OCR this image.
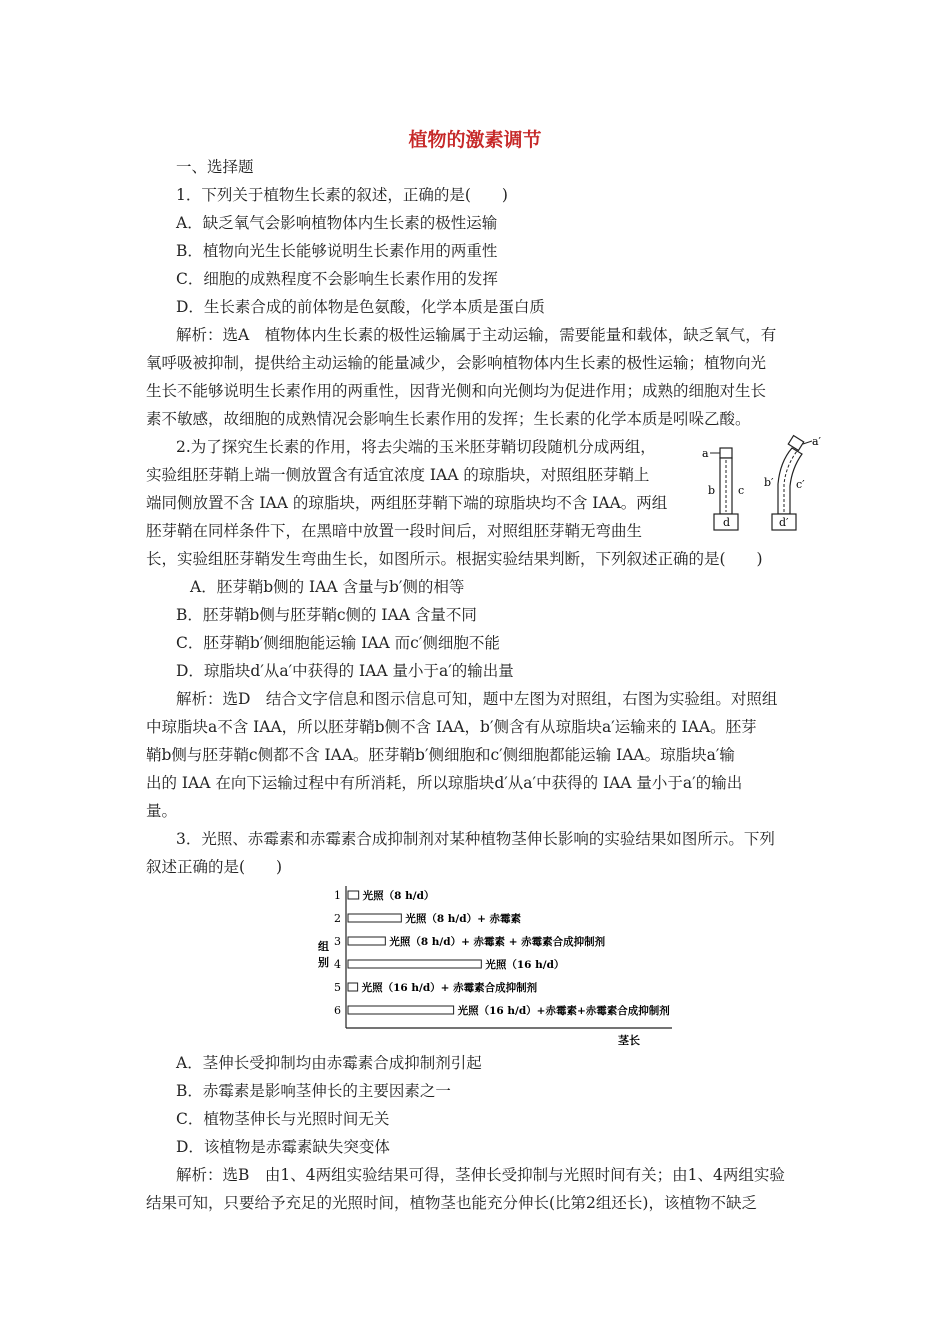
植物的激素调节
一、选择题
1．下列关于植物生长素的叙述，正确的是(　　)
A．缺乏氧气会影响植物体内生长素的极性运输
B．植物向光生长能够说明生长素作用的两重性
C．细胞的成熟程度不会影响生长素作用的发挥
D．生长素合成的前体物是色氨酸，化学本质是蛋白质
解析：选A　植物体内生长素的极性运输属于主动运输，需要能量和载体，缺乏氧气，有
氧呼吸被抑制，提供给主动运输的能量减少，会影响植物体内生长素的极性运输；植物向光
生长不能够说明生长素作用的两重性，因背光侧和向光侧均为促进作用；成熟的细胞对生长
素不敏感，故细胞的成熟情况会影响生长素作用的发挥；生长素的化学本质是吲哚乙酸。
2.为了探究生长素的作用，将去尖端的玉米胚芽鞘切段随机分成两组，
实验组胚芽鞘上端一侧放置含有适宜浓度 IAA 的琼脂块，对照组胚芽鞘上
端同侧放置不含 IAA 的琼脂块，两组胚芽鞘下端的琼脂块均不含 IAA。两组
胚芽鞘在同样条件下，在黑暗中放置一段时间后，对照组胚芽鞘无弯曲生
长，实验组胚芽鞘发生弯曲生长，如图所示。根据实验结果判断，下列叙述正确的是(　　)
a
b c
d
a′
b′ c′
d′
A．胚芽鞘b侧的 IAA 含量与b′侧的相等
B．胚芽鞘b侧与胚芽鞘c侧的 IAA 含量不同
C．胚芽鞘b′侧细胞能运输 IAA 而c′侧细胞不能
D．琼脂块d′从a′中获得的 IAA 量小于a′的输出量
解析：选D　结合文字信息和图示信息可知，题中左图为对照组，右图为实验组。对照组
中琼脂块a不含 IAA，所以胚芽鞘b侧不含 IAA，b′侧含有从琼脂块a′运输来的 IAA。胚芽
鞘b侧与胚芽鞘c侧都不含 IAA。胚芽鞘b′侧细胞和c′侧细胞都能运输 IAA。琼脂块a′输
出的 IAA 在向下运输过程中有所消耗，所以琼脂块d′从a′中获得的 IAA 量小于a′的输出
量。
3．光照、赤霉素和赤霉素合成抑制剂对某种植物茎伸长影响的实验结果如图所示。下列
叙述正确的是(　　)
组
别
茎长
1 光照（8 h/d）
2	光照（8 h/d）+ 赤霉素
3	光照（8 h/d）+ 赤霉素 + 赤霉素合成抑制剂
4	光照（16 h/d）
5 光照（16 h/d）+ 赤霉素合成抑制剂
6	光照（16 h/d）+赤霉素+赤霉素合成抑制剂
A．茎伸长受抑制均由赤霉素合成抑制剂引起
B．赤霉素是影响茎伸长的主要因素之一
C．植物茎伸长与光照时间无关
D．该植物是赤霉素缺失突变体
解析：选B　由1、4两组实验结果可得，茎伸长受抑制与光照时间有关；由1、4两组实验
结果可知，只要给予充足的光照时间，植物茎也能充分伸长(比第2组还长)，该植物不缺乏
